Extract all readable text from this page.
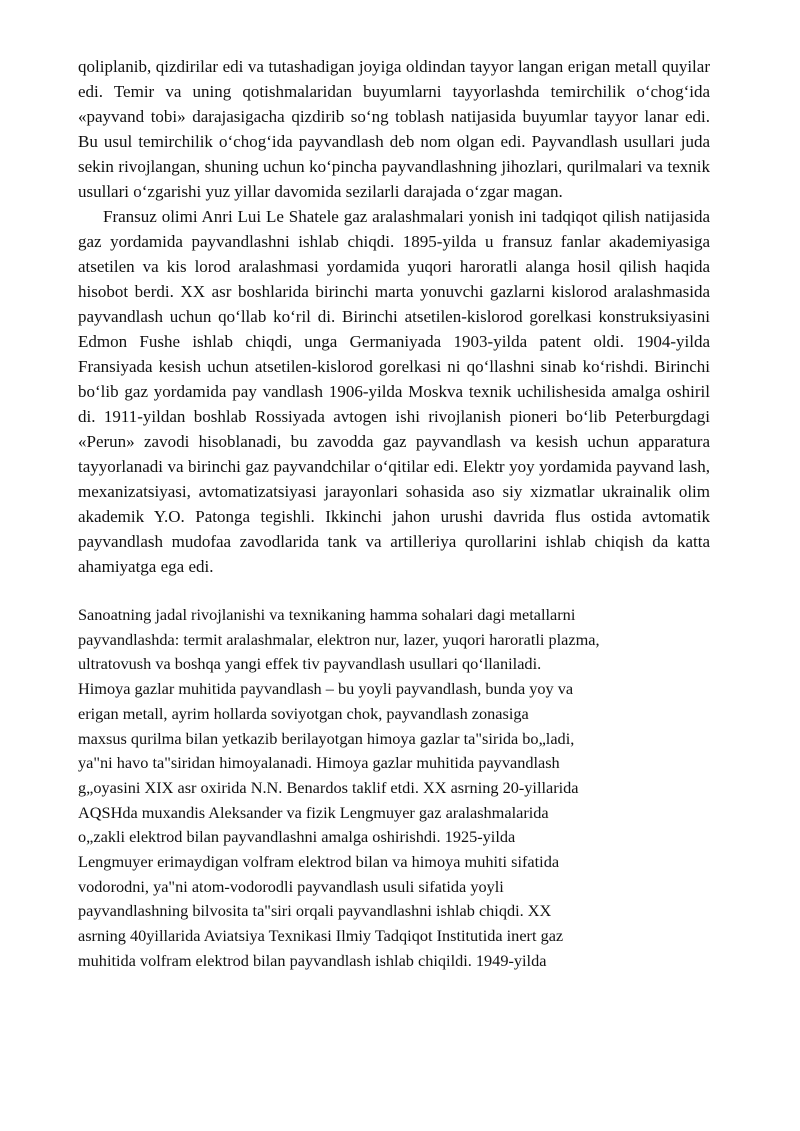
qoliplanib, qizdirilar edi va tutashadigan joyiga oldindan tayyor langan erigan metall quyilar edi. Temir va uning qotishmalaridan buyumlarni tayyorlashda temirchilik o‘chog‘ida «payvand tobi» darajasigacha qizdirib so‘ng toblash natijasida buyumlar tayyor lanar edi. Bu usul temirchilik o‘chog‘ida payvandlash deb nom olgan edi. Payvandlash usullari juda sekin rivojlangan, shuning uchun ko‘pincha payvandlashning jihozlari, qurilmalari va texnik usullari o‘zgarishi yuz yillar davomida sezilarli darajada o‘zgar magan.

Fransuz olimi Anri Lui Le Shatele gaz aralashmalari yonish ini tadqiqot qilish natijasida gaz yordamida payvandlashni ishlab chiqdi. 1895-yilda u fransuz fanlar akademiyasiga atsetilen va kis lorod aralashmasi yordamida yuqori haroratli alanga hosil qilish haqida hisobot berdi. XX asr boshlarida birinchi marta yonuvchi gazlarni kislorod aralashmasida payvandlash uchun qo‘llab ko‘ril di. Birinchi atsetilen-kislorod gorelkasi konstruksiyasini Edmon Fushe ishlab chiqdi, unga Germaniyada 1903-yilda patent oldi. 1904-yilda Fransiyada kesish uchun atsetilen-kislorod gorelkasi ni qo‘llashni sinab ko‘rishdi. Birinchi bo‘lib gaz yordamida pay vandlash 1906-yilda Moskva texnik uchilishesida amalga oshiril di. 1911-yildan boshlab Rossiyada avtogen ishi rivojlanish pioneri bo‘lib Peterburgdagi «Perun» zavodi hisoblanadi, bu zavodda gaz payvandlash va kesish uchun apparatura tayyorlanadi va birinchi gaz payvandchilar o‘qitilar edi. Elektr yoy yordamida payvand lash, mexanizatsiyasi, avtomatizatsiyasi jarayonlari sohasida aso siy xizmatlar ukrainalik olim akademik Y.O. Patonga tegishli. Ikkinchi jahon urushi davrida flus ostida avtomatik payvandlash mudofaa zavodlarida tank va artilleriya qurollarini ishlab chiqish da katta ahamiyatga ega edi.

Sanoatning jadal rivojlanishi va texnikaning hamma sohalari dagi metallarni
payvandlashda: termit aralashmalar, elektron nur, lazer, yuqori haroratli plazma,
ultratovush va boshqa yangi effek tiv payvandlash usullari qo‘llaniladi.
Himoya gazlar muhitida payvandlash – bu yoyli payvandlash, bunda yoy va
erigan metall, ayrim hollarda soviyotgan chok, payvandlash zonasiga
maxsus qurilma bilan yetkazib berilayotgan himoya gazlar ta"sirida bo„ladi,
ya"ni havo ta"siridan himoyalanadi. Himoya gazlar muhitida payvandlash
g„oyasini XIX asr oxirida N.N. Benardos taklif etdi. XX asrning 20-yillarida
AQSHda muxandis Aleksander va fizik Lengmuyer gaz aralashmalarida
o„zakli elektrod bilan payvandlashni amalga oshirishdi. 1925-yilda
Lengmuyer erimaydigan volfram elektrod bilan va himoya muhiti sifatida
vodorodni, ya"ni atom-vodorodli payvandlash usuli sifatida yoyli
payvandlashning bilvosita ta"siri orqali payvandlashni ishlab chiqdi. XX
asrning 40yillarida Aviatsiya Texnikasi Ilmiy Tadqiqot Institutida inert gaz
muhitida volfram elektrod bilan payvandlash ishlab chiqildi. 1949-yilda
